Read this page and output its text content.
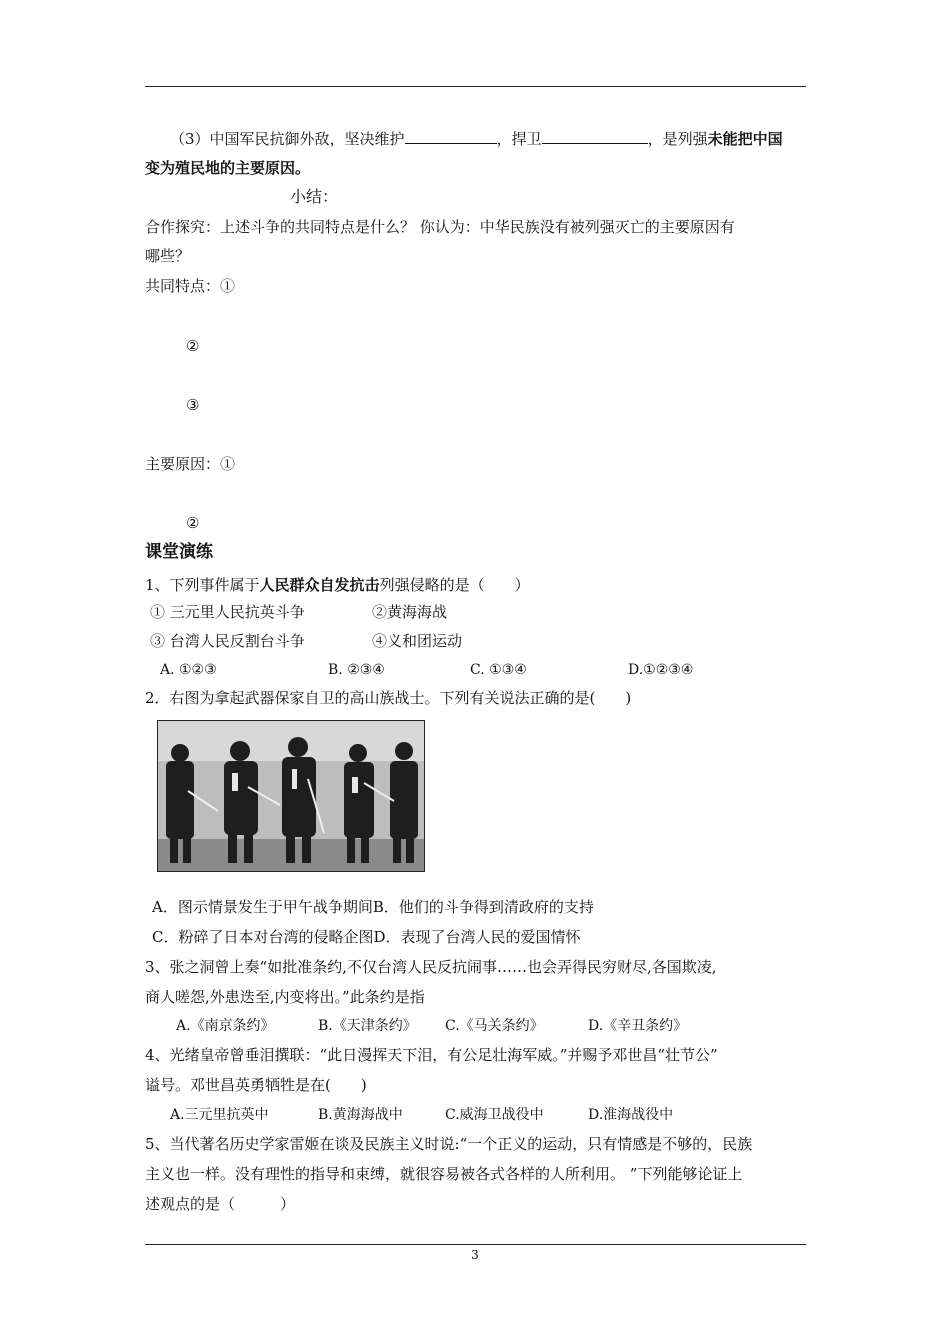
（3）中国军民抗御外敌，坚决维护	，捍卫	，是列强未能把中国
变为殖民地的主要原因。
小结：
合作探究：上述斗争的共同特点是什么？ 你认为：中华民族没有被列强灭亡的主要原因有
哪些？
共同特点：①
②
③
主要原因：①
②
课堂演练
1、下列事件属于人民群众自发抗击列强侵略的是（　　）
① 三元里人民抗英斗争	②黄海海战
③ 台湾人民反割台斗争	④义和团运动
A. ①②③	B. ②③④	C. ①③④	D.①②③④
2．右图为拿起武器保家自卫的高山族战士。下列有关说法正确的是(　　)
A．图示情景发生于甲午战争期间B．他们的斗争得到清政府的支持
C．粉碎了日本对台湾的侵略企图D．表现了台湾人民的爱国情怀
3、张之洞曾上奏“如批准条约,不仅台湾人民反抗闹事……也会弄得民穷财尽,各国欺凌,
商人嗟怨,外患迭至,内变将出。”此条约是指
A.《南京条约》	B.《天津条约》 C.《马关条约》	D.《辛丑条约》
4、光绪皇帝曾垂泪撰联：“此日漫挥天下泪，有公足壮海军威。”并赐予邓世昌“壮节公”
谥号。邓世昌英勇牺牲是在(　　)
A.三元里抗英中	B.黄海海战中	C.威海卫战役中	D.淮海战役中
5、当代著名历史学家雷姬在谈及民族主义时说:“一个正义的运动，只有情感是不够的，民族
主义也一样。没有理性的指导和束缚，就很容易被各式各样的人所利用。 ”下列能够论证上
述观点的是（　　　）
3
